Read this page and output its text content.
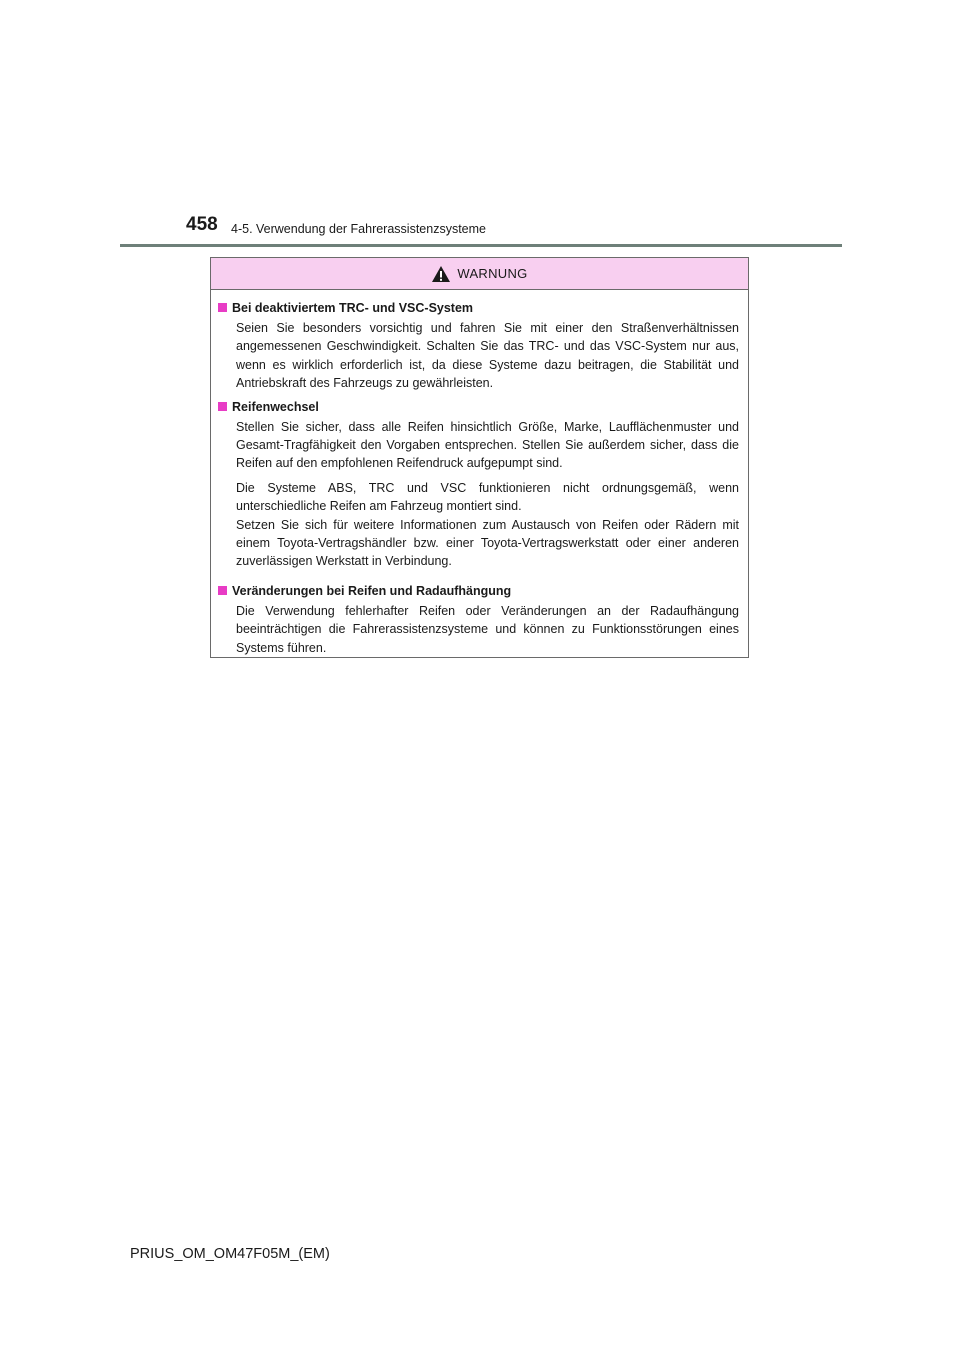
458 4-5. Verwendung der Fahrerassistenzsysteme
WARNUNG
Bei deaktiviertem TRC- und VSC-System

Seien Sie besonders vorsichtig und fahren Sie mit einer den Straßenverhältnissen angemessenen Geschwindigkeit. Schalten Sie das TRC- und das VSC-System nur aus, wenn es wirklich erforderlich ist, da diese Systeme dazu beitragen, die Stabilität und Antriebskraft des Fahrzeugs zu gewährleisten.

Reifenwechsel

Stellen Sie sicher, dass alle Reifen hinsichtlich Größe, Marke, Laufflächenmuster und Gesamt-Tragfähigkeit den Vorgaben entsprechen. Stellen Sie außerdem sicher, dass die Reifen auf den empfohlenen Reifendruck aufgepumpt sind.

Die Systeme ABS, TRC und VSC funktionieren nicht ordnungsgemäß, wenn unterschiedliche Reifen am Fahrzeug montiert sind.
Setzen Sie sich für weitere Informationen zum Austausch von Reifen oder Rädern mit einem Toyota-Vertragshändler bzw. einer Toyota-Vertragswerkstatt oder einer anderen zuverlässigen Werkstatt in Verbindung.

Veränderungen bei Reifen und Radaufhängung

Die Verwendung fehlerhafter Reifen oder Veränderungen an der Radaufhängung beeinträchtigen die Fahrerassistenzsysteme und können zu Funktionsstörungen eines Systems führen.

PRIUS_OM_OM47F05M_(EM)
